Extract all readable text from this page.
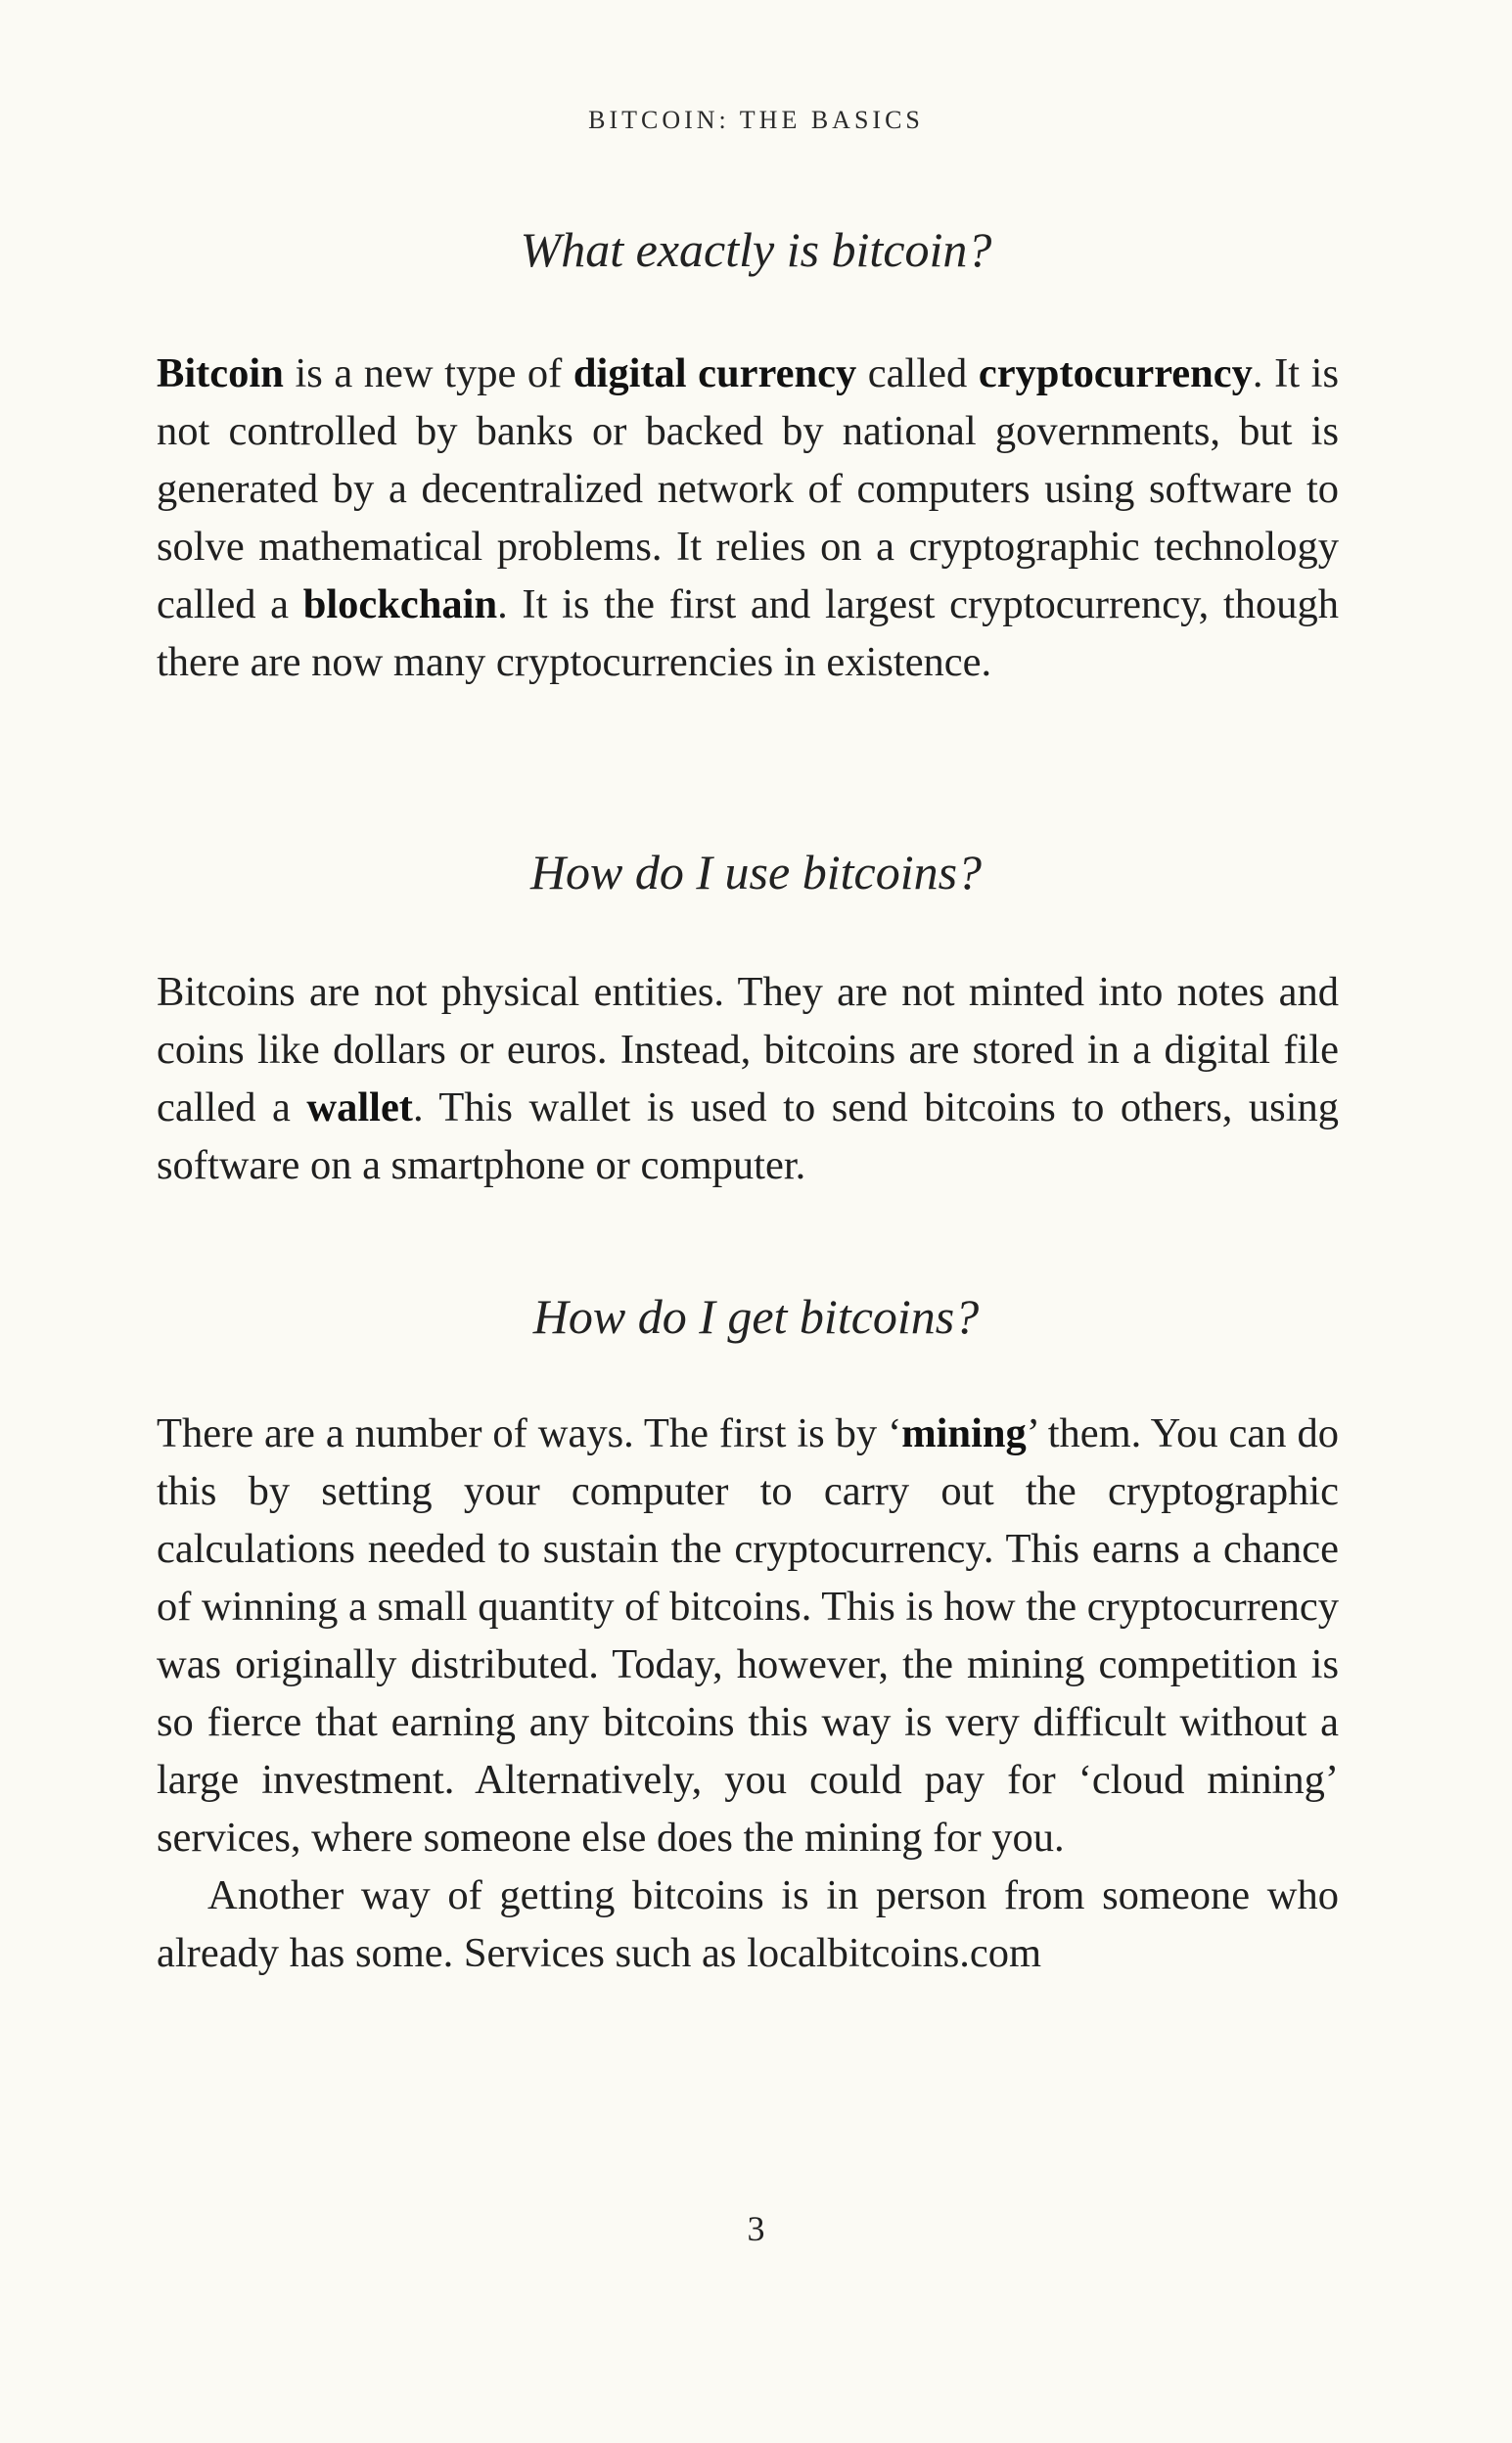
BITCOIN: THE BASICS
What exactly is bitcoin?

Bitcoin is a new type of digital currency called cryptocurrency. It is not controlled by banks or backed by national governments, but is generated by a decentralized network of computers using software to solve mathematical problems. It relies on a cryptographic technology called a blockchain. It is the first and largest cryptocurrency, though there are now many cryptocurrencies in existence.

How do I use bitcoins?

Bitcoins are not physical entities. They are not minted into notes and coins like dollars or euros. Instead, bitcoins are stored in a digital file called a wallet. This wallet is used to send bitcoins to others, using software on a smartphone or computer.

How do I get bitcoins?

There are a number of ways. The first is by ‘mining’ them. You can do this by setting your computer to carry out the cryptographic calculations needed to sustain the cryptocurrency. This earns a chance of winning a small quantity of bitcoins. This is how the cryptocurrency was originally distributed. Today, however, the mining competition is so fierce that earning any bitcoins this way is very difficult without a large investment. Alternatively, you could pay for ‘cloud mining’ services, where someone else does the mining for you.

Another way of getting bitcoins is in person from someone who already has some. Services such as localbitcoins.com

3
